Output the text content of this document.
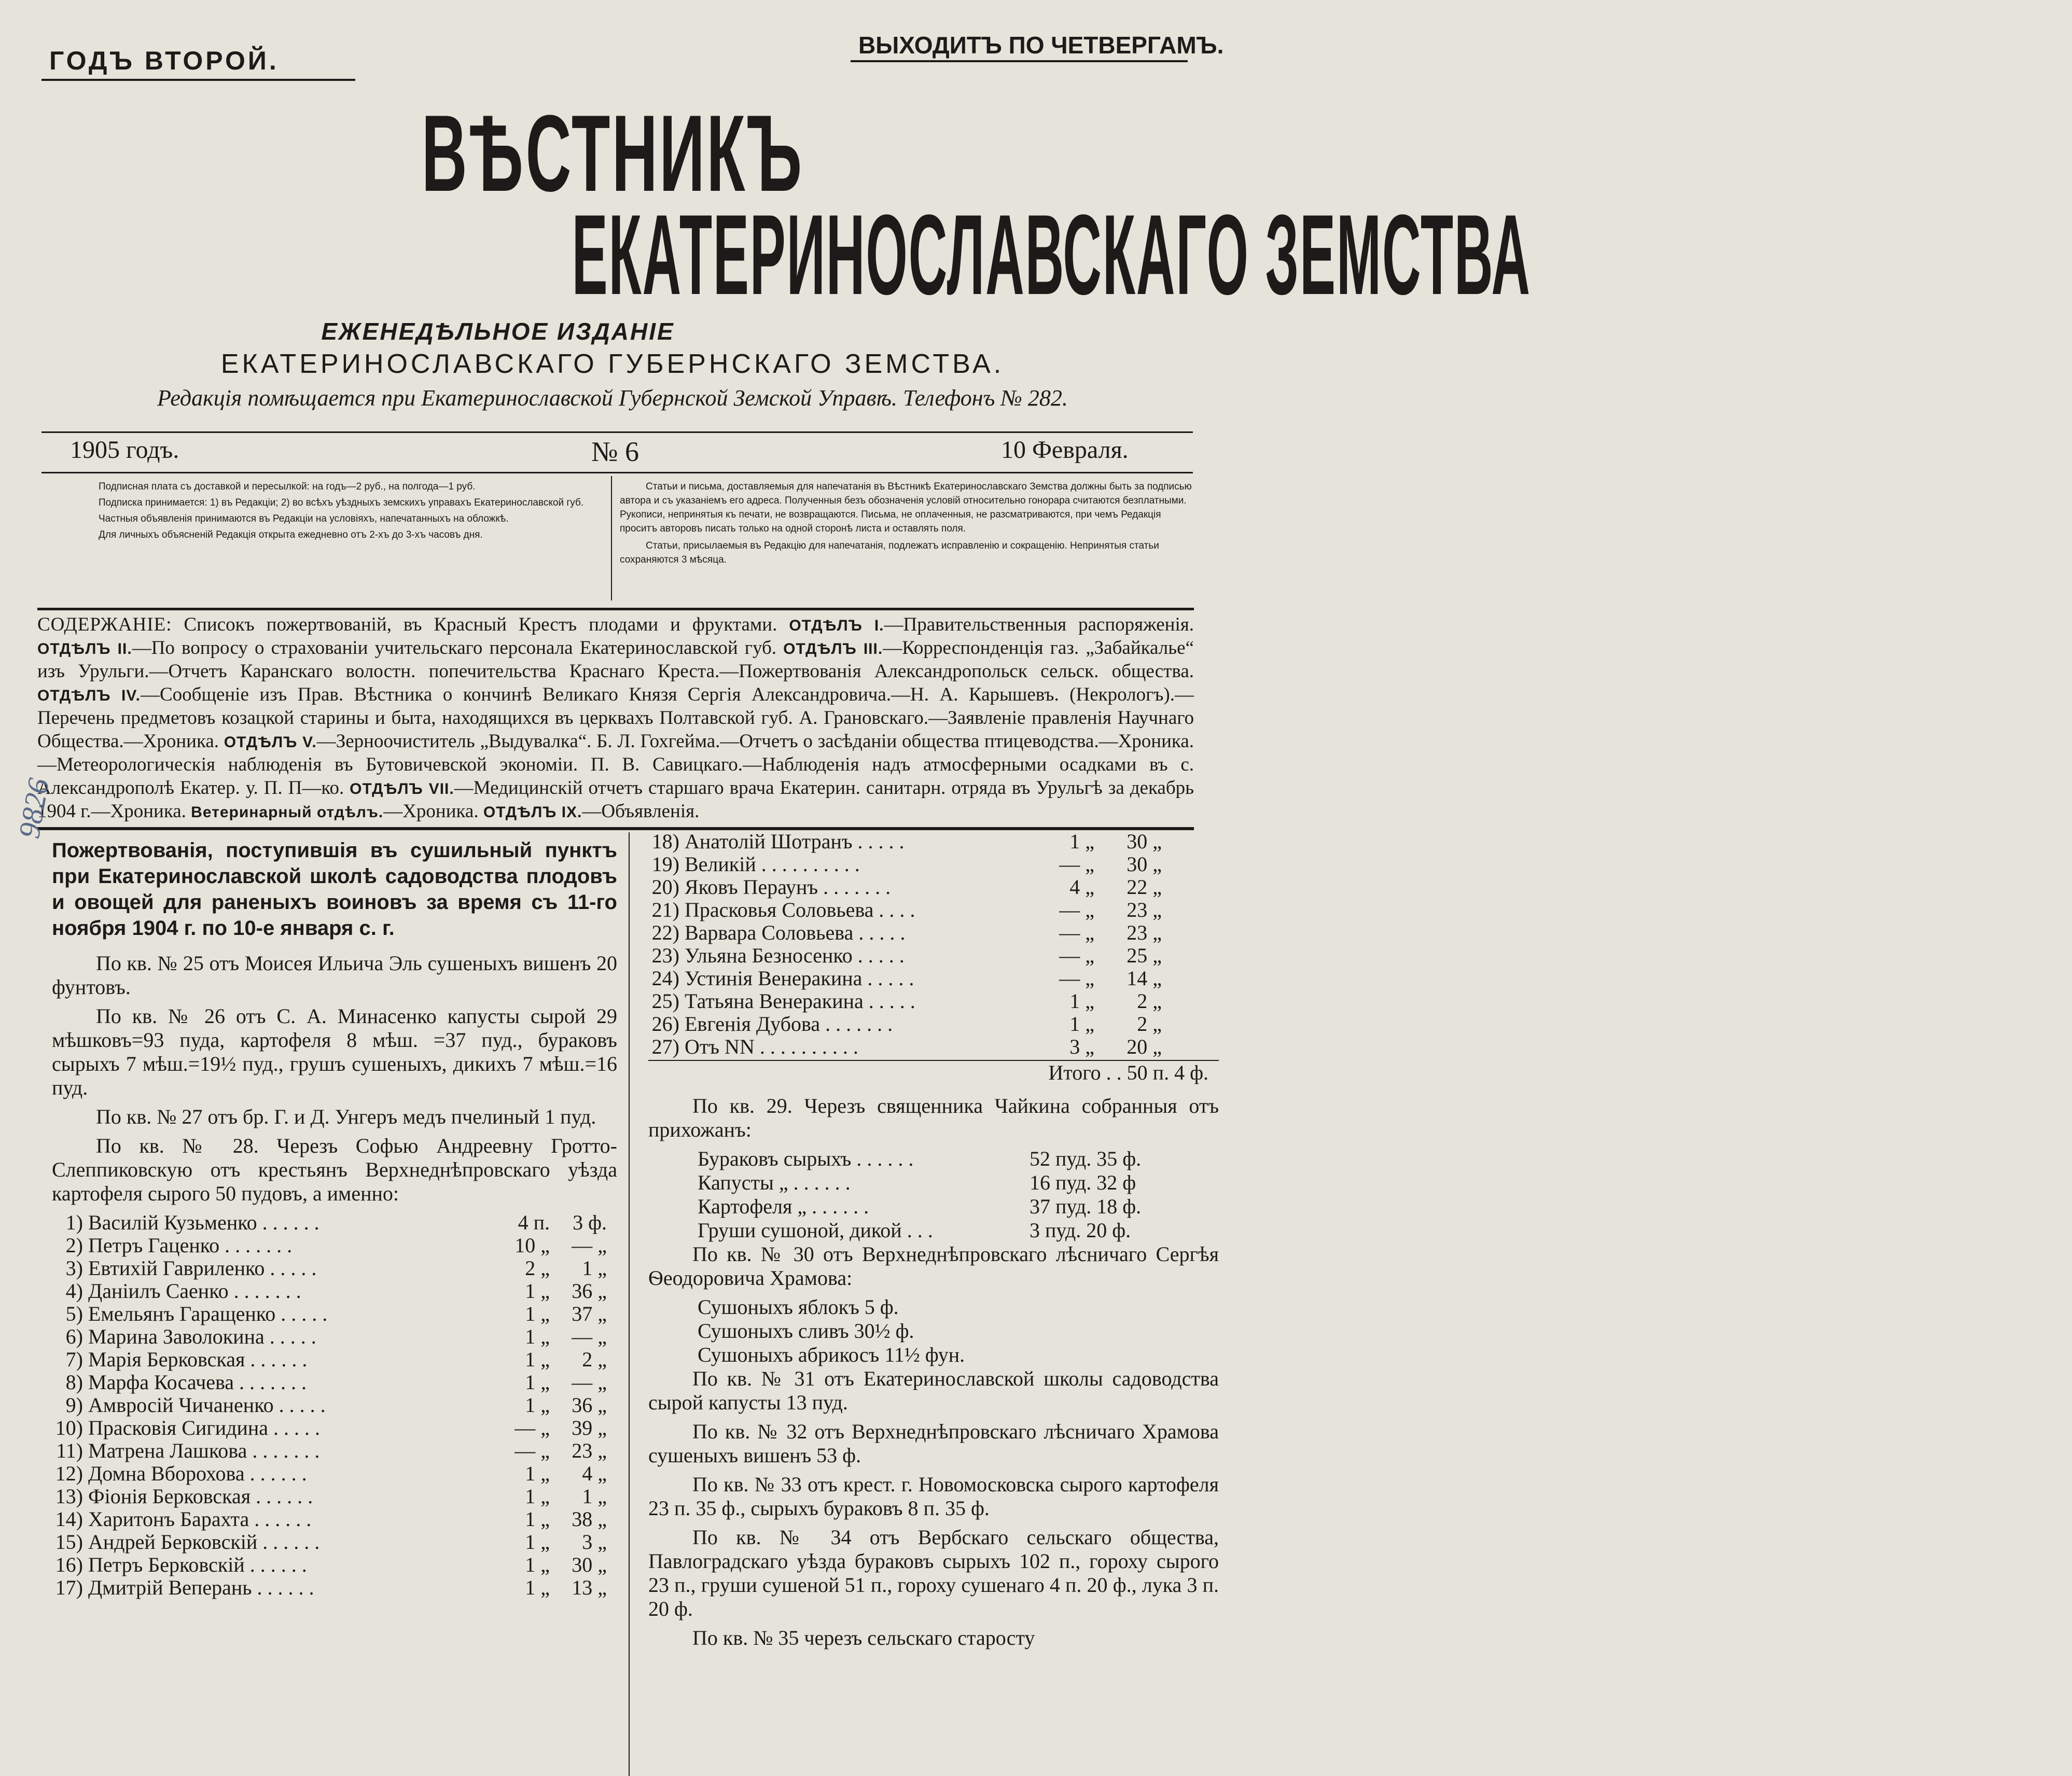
ГОДЪ ВТОРОЙ.
ВЫХОДИТЪ ПО ЧЕТВЕРГАМЪ.
ВѢСТНИКЪ
ЕКАТЕРИНОСЛАВСКАГО ЗЕМСТВА
ЕЖЕНЕДѢЛЬНОЕ ИЗДАНІЕ
ЕКАТЕРИНОСЛАВСКАГО ГУБЕРНСКАГО ЗЕМСТВА.
Редакція помѣщается при Екатеринославской Губернской Земской Управѣ. Телефонъ № 282.
1905 годъ.	№ 6	10 Февраля.

Подписная плата съ доставкой и пересылкой: на годъ—2 руб., на полгода—1 руб.

Подписка принимается: 1) въ Редакціи; 2) во всѣхъ уѣздныхъ земскихъ управахъ Екатеринославской губ.

Частныя объявленія принимаются въ Редакціи на условіяхъ, напечатанныхъ на обложкѣ.

Для личныхъ объясненій Редакція открыта ежедневно отъ 2-хъ до 3-хъ часовъ дня.

Статьи и письма, доставляемыя для напечатанія въ Вѣстникѣ Екатеринославскаго Земства должны быть за подписью автора и съ указаніемъ его адреса. Полученныя безъ обозначенія условій относительно гонорара считаются безплатными. Рукописи, непринятыя къ печати, не возвращаются. Письма, не оплаченныя, не разсматриваются, при чемъ Редакція проситъ авторовъ писать только на одной сторонѣ листа и оставлять поля.

Статьи, присылаемыя въ Редакцію для напечатанія, подлежатъ исправленію и сокращенію. Непринятыя статьи сохраняются 3 мѣсяца.

СОДЕРЖАНІЕ: Списокъ пожертвованій, въ Красный Крестъ плодами и фруктами. ОТДѢЛЪ I.—Правительственныя распоряженія. ОТДѢЛЪ II.—По вопросу о страхованіи учительскаго персонала Екатеринославской губ. ОТДѢЛЪ III.—Корреспонденція газ. „Забайкалье“ изъ Урульги.—Отчетъ Каранскаго волостн. попечительства Краснаго Креста.—Пожертвованія Александропольск сельск. общества. ОТДѢЛЪ IV.—Сообщеніе изъ Прав. Вѣстника о кончинѣ Великаго Князя Сергія Александровича.—Н. А. Карышевъ. (Некрологъ).—Перечень предметовъ козацкой старины и быта, находящихся въ церквахъ Полтавской губ. А. Грановскаго.—Заявленіе правленія Научнаго Общества.—Хроника. ОТДѢЛЪ V.—Зерноочиститель „Выдувалка“. Б. Л. Гохгейма.—Отчетъ о засѣданіи общества птицеводства.—Хроника.—Метеорологическія наблюденія въ Бутовичевской экономіи. П. В. Савицкаго.—Наблюденія надъ атмосферными осадками въ с. Александрополѣ Екатер. у. П. П—ко. ОТДѢЛЪ VII.—Медицинскій отчетъ старшаго врача Екатерин. санитарн. отряда въ Урульгѣ за декабрь 1904 г.—Хроника. Ветеринарный отдѣлъ.—Хроника. ОТДѢЛЪ IX.—Объявленія.
9826
Пожертвованія, поступившія въ сушильный пунктъ при Екатеринославской школѣ садоводства плодовъ и овощей для раненыхъ воиновъ за время съ 11-го ноября 1904 г. по 10-е января с. г.

По кв. № 25 отъ Моисея Ильича Эль сушеныхъ вишенъ 20 фунтовъ.

По кв. № 26 отъ С. А. Минасенко капусты сырой 29 мѣшковъ=93 пуда, картофеля 8 мѣш. =37 пуд., бураковъ сырыхъ 7 мѣш.=19½ пуд., грушъ сушеныхъ, дикихъ 7 мѣш.=16 пуд.

По кв. № 27 отъ бр. Г. и Д. Унгеръ медъ пчелиный 1 пуд.

По кв. № 28. Черезъ Софью Андреевну Гротто-Слеппиковскую отъ крестьянъ Верхнеднѣпровскаго уѣзда картофеля сырого 50 пудовъ, а именно:

1) Василій Кузьменко . . . . . .	4 п.	3 ф.
2) Петръ Гаценко . . . . . . .	10 „	— „
3) Евтихій Гавриленко . . . . .	2 „	1 „
4) Даніилъ Саенко . . . . . . .	1 „	36 „
5) Емельянъ Гаращенко . . . . .	1 „	37 „
6) Марина Заволокина . . . . .	1 „	— „
7) Марія Берковская . . . . . .	1 „	2 „
8) Марфа Косачева . . . . . . .	1 „	— „
9) Амвросій Чичаненко . . . . .	1 „	36 „
10) Прасковія Сигидина . . . . .	— „	39 „
11) Матрена Лашкова . . . . . . .	— „	23 „
12) Домна Вборохова . . . . . .	1 „	4 „
13) Фіонія Берковская . . . . . .	1 „	1 „
14) Харитонъ Барахта . . . . . .	1 „	38 „
15) Андрей Берковскій . . . . . .	1 „	3 „
16) Петръ Берковскій . . . . . .	1 „	30 „
17) Дмитрій Веперань . . . . . .	1 „	13 „
18) Анатолій Шотранъ . . . . .	1 „	30 „
19) Великій . . . . . . . . . .	— „	30 „
20) Яковъ Пераунъ . . . . . . .	4 „	22 „
21) Прасковья Соловьева . . . .	— „	23 „
22) Варвара Соловьева . . . . .	— „	23 „
23) Ульяна Безносенко . . . . .	— „	25 „
24) Устинія Венеракина . . . . .	— „	14 „
25) Татьяна Венеракина . . . . .	1 „	2 „
26) Евгенія Дубова . . . . . . .	1 „	2 „
27) Отъ NN . . . . . . . . . .	3 „	20 „
Итого . . 50 п. 4 ф.

По кв. 29. Черезъ священника Чайкина собранныя отъ прихожанъ:

Бураковъ сырыхъ . . . . . .	52 пуд. 35 ф.
Капусты „ . . . . . .	16 пуд. 32 ф
Картофеля „ . . . . . .	37 пуд. 18 ф.
Груши сушоной, дикой . . .	3 пуд. 20 ф.

По кв. № 30 отъ Верхнеднѣпровскаго лѣсничаго Сергѣя Ѳеодоровича Храмова:

Сушоныхъ яблокъ 5 ф.
Сушоныхъ сливъ 30½ ф.
Сушоныхъ абрикосъ 11½ фун.

По кв. № 31 отъ Екатеринославской школы садоводства сырой капусты 13 пуд.

По кв. № 32 отъ Верхнеднѣпровскаго лѣсничаго Храмова сушеныхъ вишенъ 53 ф.

По кв. № 33 отъ крест. г. Новомосковска сырого картофеля 23 п. 35 ф., сырыхъ бураковъ 8 п. 35 ф.

По кв. № 34 отъ Вербскаго сельскаго общества, Павлоградскаго уѣзда бураковъ сырыхъ 102 п., гороху сырого 23 п., груши сушеной 51 п., гороху сушенаго 4 п. 20 ф., лука 3 п. 20 ф.

По кв. № 35 черезъ сельскаго старосту
